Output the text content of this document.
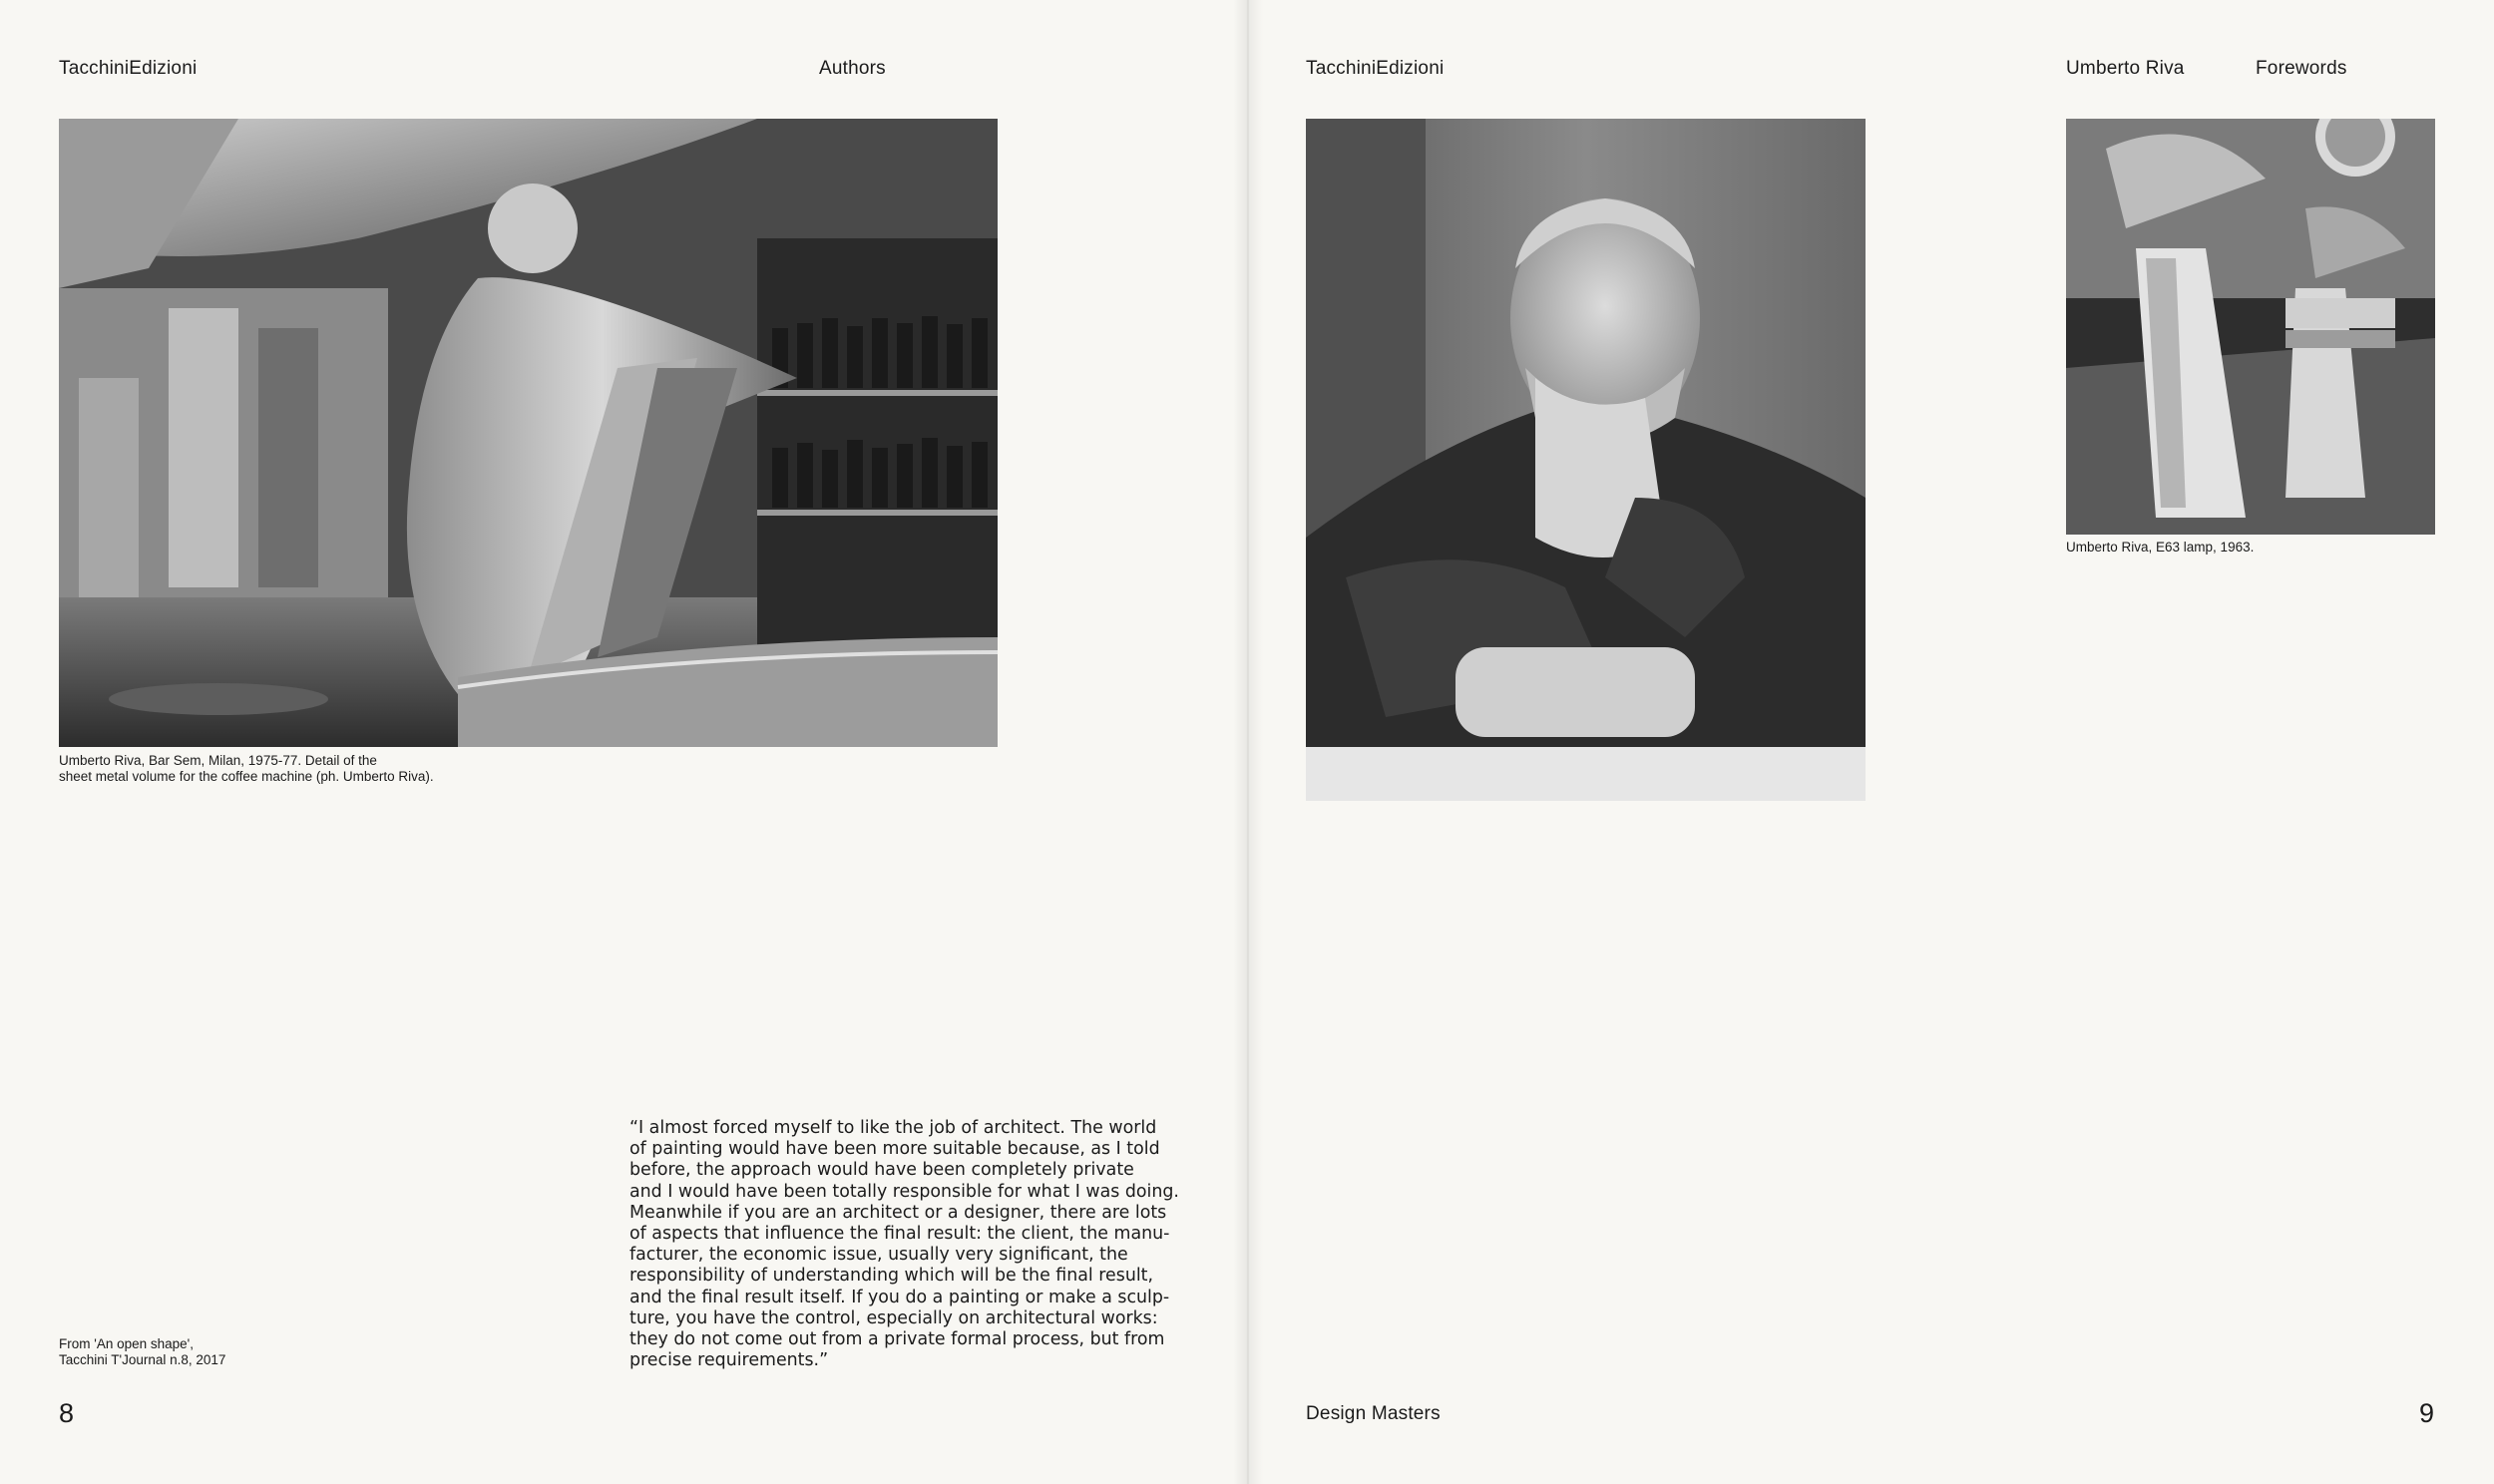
TacchiniEdizioni	Authors
Umberto Riva, Bar Sem, Milan, 1975-77. Detail of the
sheet metal volume for the coffee machine (ph. Umberto Riva).
From 'An open shape',
Tacchini T'Journal n.8, 2017
“I almost forced myself to like the job of architect. The world
of painting would have been more suitable because, as I told
before, the approach would have been completely private
and I would have been totally responsible for what I was doing.
Meanwhile if you are an architect or a designer, there are lots
of aspects that influence the final result: the client, the manu-
facturer, the economic issue, usually very significant, the
responsibility of understanding which will be the final result,
and the final result itself. If you do a painting or make a sculp-
ture, you have the control, especially on architectural works:
they do not come out from a private formal process, but from
precise requirements.”
8
TacchiniEdizioni	Umberto Riva	Forewords
Umberto Riva, E63 lamp, 1963.
Design Masters	9
